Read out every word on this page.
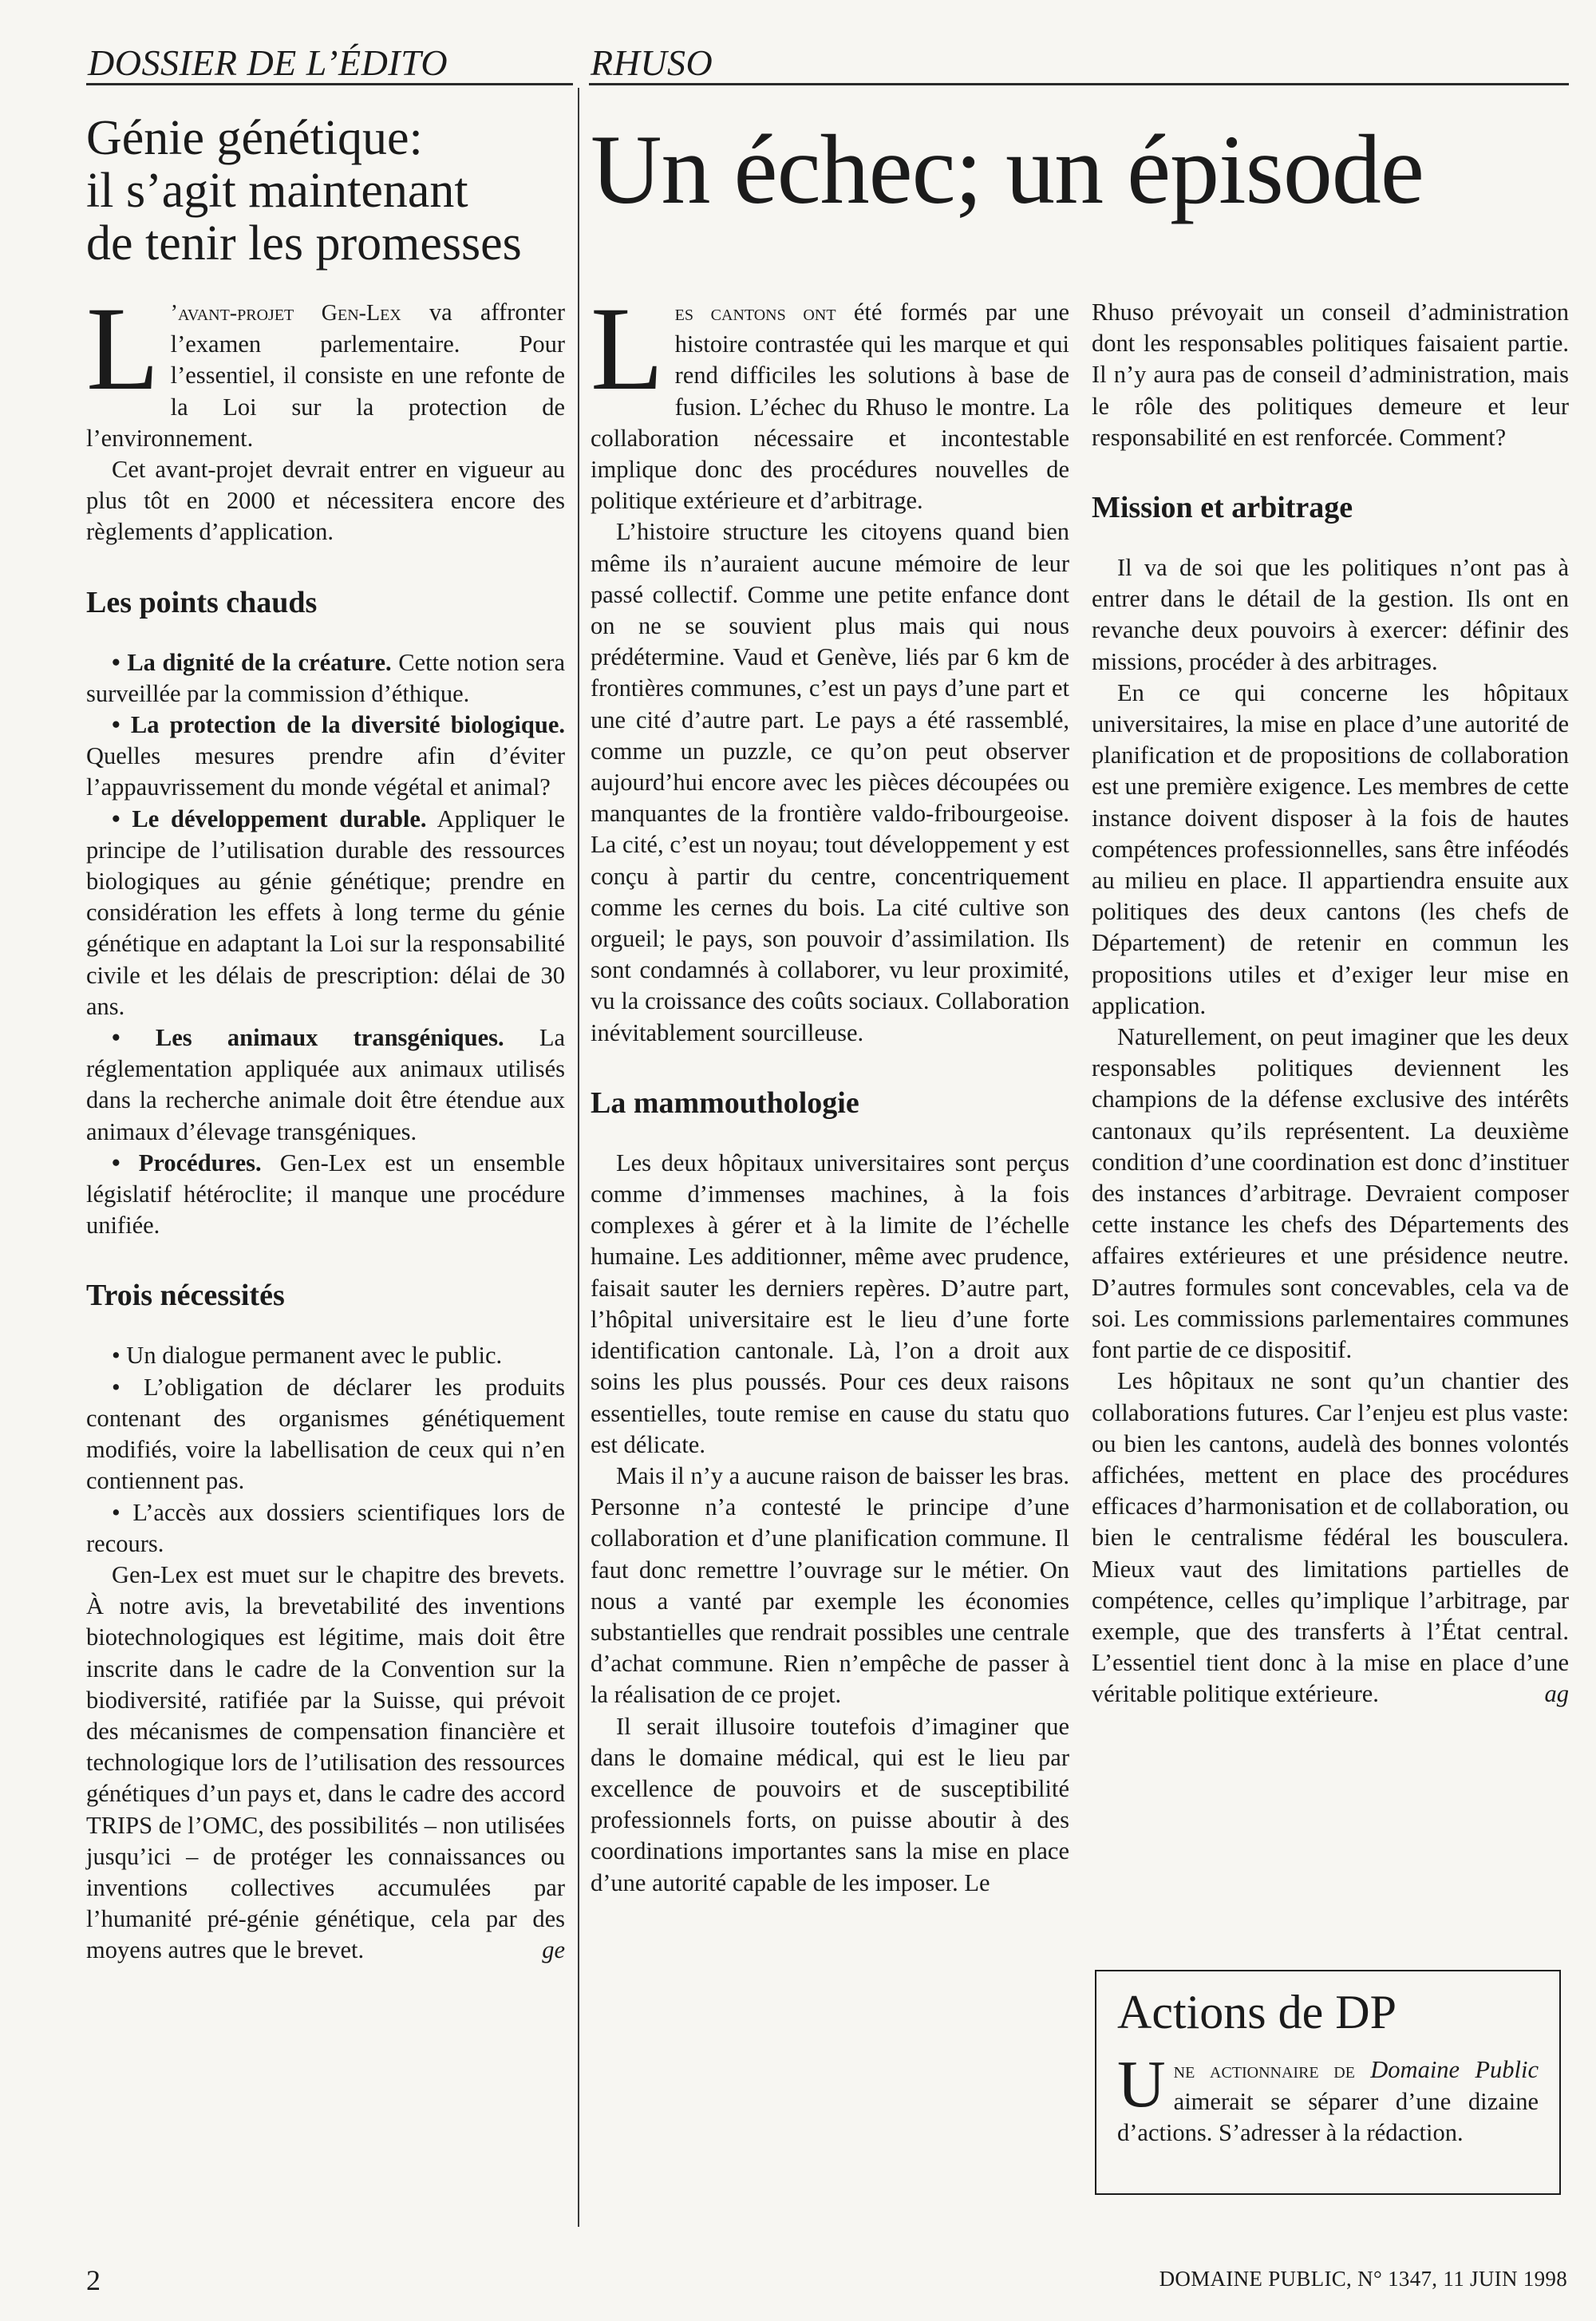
DOSSIER DE L’ÉDITO	RHUSO
Génie génétique:
il s’agit maintenant
de tenir les promesses
Un échec; un épisode

L ’avant-projet Gen-Lex va affronter l’examen parlementaire. Pour l’essentiel, il consiste en une refonte de la Loi sur la protection de l’environnement.

Cet avant-projet devrait entrer en vigueur au plus tôt en 2000 et nécessitera encore des règlements d’application.

Les points chauds

• La dignité de la créature. Cette notion sera surveillée par la commission d’éthique.

• La protection de la diversité biologique. Quelles mesures prendre afin d’éviter l’appauvrissement du monde végétal et animal?

• Le développement durable. Appliquer le principe de l’utilisation durable des ressources biologiques au génie génétique; prendre en considération les effets à long terme du génie génétique en adaptant la Loi sur la responsabilité civile et les délais de prescription: délai de 30 ans.

• Les animaux transgéniques. La réglementation appliquée aux animaux utilisés dans la recherche animale doit être étendue aux animaux d’élevage transgéniques.

• Procédures. Gen-Lex est un ensemble législatif hétéroclite; il manque une procédure unifiée.

Trois nécessités

• Un dialogue permanent avec le public.

• L’obligation de déclarer les produits contenant des organismes génétiquement modifiés, voire la labellisation de ceux qui n’en contiennent pas.

• L’accès aux dossiers scientifiques lors de recours.

Gen-Lex est muet sur le chapitre des brevets. À notre avis, la brevetabilité des inventions biotechnologiques est légitime, mais doit être inscrite dans le cadre de la Convention sur la biodiversité, ratifiée par la Suisse, qui prévoit des mécanismes de compensation financière et technologique lors de l’utilisation des ressources génétiques d’un pays et, dans le cadre des accord TRIPS de l’OMC, des possibilités – non utilisées jusqu’ici – de protéger les connaissances ou inventions collectives accumulées par l’humanité pré-génie génétique, cela par des moyens autres que le brevet.	ge

Les cantons ont été formés par une histoire contrastée qui les marque et qui rend difficiles les solutions à base de fusion. L’échec du Rhuso le montre. La collaboration nécessaire et incontestable implique donc des procédures nouvelles de politique extérieure et d’arbitrage.

L’histoire structure les citoyens quand bien même ils n’auraient aucune mémoire de leur passé collectif. Comme une petite enfance dont on ne se souvient plus mais qui nous prédétermine. Vaud et Genève, liés par 6 km de frontières communes, c’est un pays d’une part et une cité d’autre part. Le pays a été rassemblé, comme un puzzle, ce qu’on peut observer aujourd’hui encore avec les pièces découpées ou manquantes de la frontière valdo-fribourgeoise. La cité, c’est un noyau; tout développement y est conçu à partir du centre, concentriquement comme les cernes du bois. La cité cultive son orgueil; le pays, son pouvoir d’assimilation. Ils sont condamnés à collaborer, vu leur proximité, vu la croissance des coûts sociaux. Collaboration inévitablement sourcilleuse.

La mammouthologie

Les deux hôpitaux universitaires sont perçus comme d’immenses machines, à la fois complexes à gérer et à la limite de l’échelle humaine. Les additionner, même avec prudence, faisait sauter les derniers repères. D’autre part, l’hôpital universitaire est le lieu d’une forte identification cantonale. Là, l’on a droit aux soins les plus poussés. Pour ces deux raisons essentielles, toute remise en cause du statu quo est délicate.

Mais il n’y a aucune raison de baisser les bras. Personne n’a contesté le principe d’une collaboration et d’une planification commune. Il faut donc remettre l’ouvrage sur le métier. On nous a vanté par exemple les économies substantielles que rendrait possibles une centrale d’achat commune. Rien n’empêche de passer à la réalisation de ce projet.

Il serait illusoire toutefois d’imaginer que dans le domaine médical, qui est le lieu par excellence de pouvoirs et de susceptibilité professionnels forts, on puisse aboutir à des coordinations importantes sans la mise en place d’une autorité capable de les imposer. Le

Rhuso prévoyait un conseil d’administration dont les responsables politiques faisaient partie. Il n’y aura pas de conseil d’administration, mais le rôle des politiques demeure et leur responsabilité en est renforcée. Comment?

Mission et arbitrage

Il va de soi que les politiques n’ont pas à entrer dans le détail de la gestion. Ils ont en revanche deux pouvoirs à exercer: définir des missions, procéder à des arbitrages.

En ce qui concerne les hôpitaux universitaires, la mise en place d’une autorité de planification et de propositions de collaboration est une première exigence. Les membres de cette instance doivent disposer à la fois de hautes compétences professionnelles, sans être inféodés au milieu en place. Il appartiendra ensuite aux politiques des deux cantons (les chefs de Département) de retenir en commun les propositions utiles et d’exiger leur mise en application.

Naturellement, on peut imaginer que les deux responsables politiques deviennent les champions de la défense exclusive des intérêts cantonaux qu’ils représentent. La deuxième condition d’une coordination est donc d’instituer des instances d’arbitrage. Devraient composer cette instance les chefs des Départements des affaires extérieures et une présidence neutre. D’autres formules sont concevables, cela va de soi. Les commissions parlementaires communes font partie de ce dispositif.

Les hôpitaux ne sont qu’un chantier des collaborations futures. Car l’enjeu est plus vaste: ou bien les cantons, audelà des bonnes volontés affichées, mettent en place des procédures efficaces d’harmonisation et de collaboration, ou bien le centralisme fédéral les bousculera. Mieux vaut des limitations partielles de compétence, celles qu’implique l’arbitrage, par exemple, que des transferts à l’État central. L’essentiel tient donc à la mise en place d’une véritable politique extérieure.	ag

Actions de DP
Une actionnaire de Domaine Public aimerait se séparer d’une dizaine d’actions. S’adresser à la rédaction.
2	DOMAINE PUBLIC, N° 1347, 11 JUIN 1998
